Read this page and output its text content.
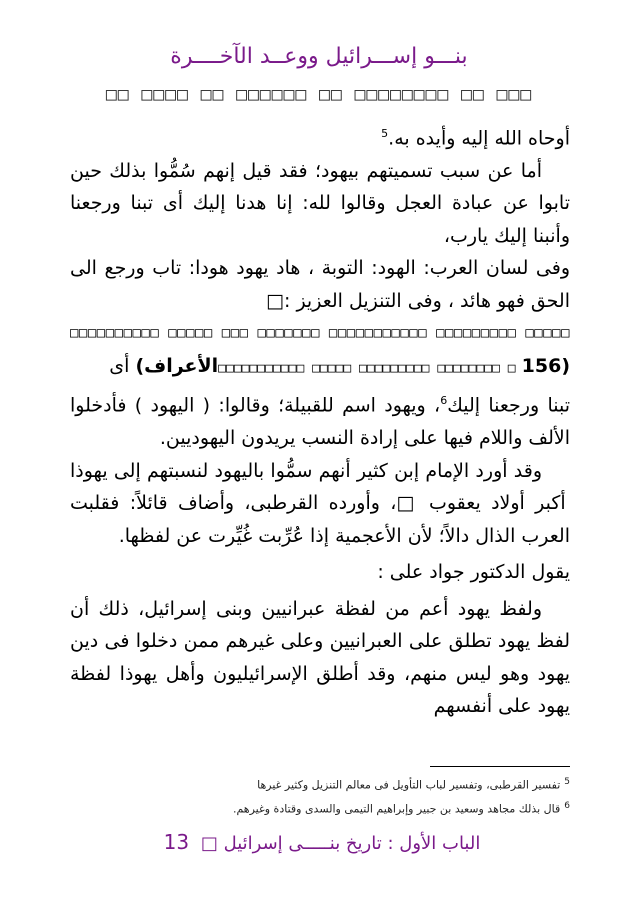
بنـــو إســـرائيل ووعــد الآخــــرة
□□ □□□□ □□ □□□□□□ □□ □□□□□□□□ □□ □□□

أوحاه الله إليه وأيده به.$^5$

أما عن سبب تسميتهم بيهود؛ فقد قيل إنهم سُمُّوا بذلك حين تابوا عن عبادة العجل وقالوا لله: إنا هدنا إليك أى تبنا ورجعنا وأنبنا إليك يارب،

وفى لسان العرب: الهود: التوبة ، هاد يهود هودا: تاب ورجع الى الحق فهو هائد ، وفى التنزيل العزيز :□

□□□□□□□□□□ □□□□□ □□□ □□□□□□□ □□□□□□□□□□□ □□□□□□□□□ □□□□□

(156 □ □□□□□□□□ □□□□□□□□□ □□□□□ □□□□□□□□□□□الأعراف) أى

تبنا ورجعنا إليك$^6$، ويهود اسم للقبيلة؛ وقالوا: ( اليهود ) فأدخلوا الألف واللام فيها على إرادة النسب يريدون اليهوديين.

وقد أورد الإمام إبن كثير أنهم سمُّوا باليهود لنسبتهم إلى يهوذا أكبر أولاد يعقوب □، وأورده القرطبى، وأضاف قائلاً: فقلبت العرب الذال دالاً؛ لأن الأعجمية إذا عُرِّبت غُيِّرت عن لفظها.

يقول الدكتور جواد على :

ولفظ يهود أعم من لفظة عبرانيين وبنى إسرائيل، ذلك أن لفظ يهود تطلق على العبرانيين وعلى غيرهم ممن دخلوا فى دين يهود وهو ليس منهم، وقد أطلق الإسرائيليون وأهل يهوذا لفظة يهود على أنفسهم

$^5$تفسير القرطبى، وتفسير لباب التأويل فى معالم التنزيل وكثير غيرها
$^6$قال بذلك مجاهد وسعيد بن جبير وإبراهيم التيمى والسدى وقتادة وغيرهم.
الباب الأول : تاريخ بنـــــى إسرائيل □ 13
